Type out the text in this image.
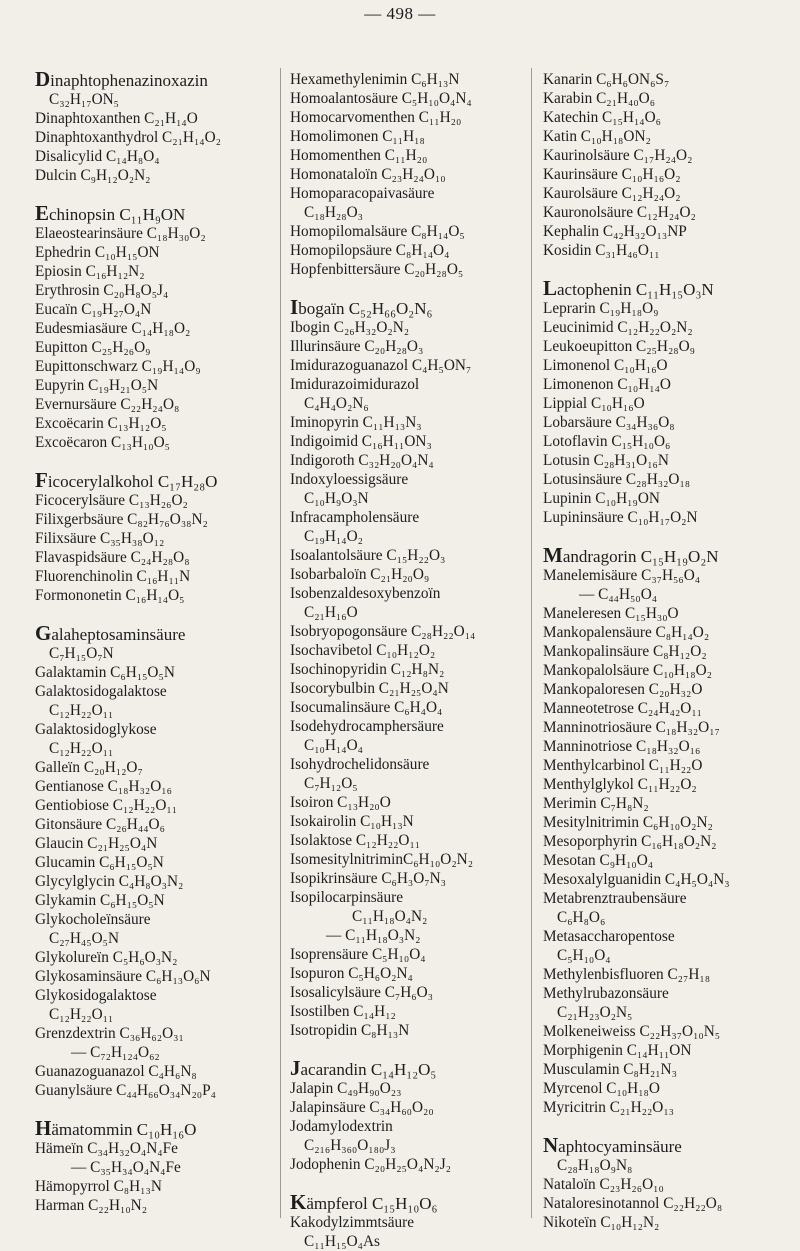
— 498 —
Dinaphtophenazinoxazin
C₃₂H₁₇ON₅
Dinaphtoxanthen C₂₁H₁₄O
Dinaphtoxanthydrol C₂₁H₁₄O₂
Disalicylid C₁₄H₈O₄
Dulcin C₉H₁₂O₂N₂
Echinopsin C₁₁H₉ON
Elaeostearinsäure C₁₈H₃₀O₂
Ephedrin C₁₀H₁₅ON
Epiosin C₁₆H₁₂N₂
Erythrosin C₂₀H₈O₅J₄
Eucaïn C₁₉H₂₇O₄N
Eudesmiasäure C₁₄H₁₈O₂
Eupitton C₂₅H₂₆O₉
Eupittonschwarz C₁₉H₁₄O₉
Eupyrin C₁₉H₂₁O₅N
Evernursäure C₂₂H₂₄O₈
Excoëcarin C₁₃H₁₂O₅
Excoëcaron C₁₃H₁₀O₅
Ficocerylalkohol C₁₇H₂₈O
Ficocerylsäure C₁₃H₂₆O₂
Filixgerbsäure C₈₂H₇₆O₃₈N₂
Filixsäure C₃₅H₃₈O₁₂
Flavaspidsäure C₂₄H₂₈O₈
Fluorenchinolin C₁₆H₁₁N
Formononetin C₁₆H₁₄O₅
Galaheptosaminsäure
C₇H₁₅O₇N
Galaktamin C₆H₁₅O₅N
Galaktosidogalaktose
C₁₂H₂₂O₁₁
Galaktosidoglykose
C₁₂H₂₂O₁₁
Galleïn C₂₀H₁₂O₇
Gentianose C₁₈H₃₂O₁₆
Gentiobiose C₁₂H₂₂O₁₁
Gitonsäure C₂₆H₄₄O₆
Glaucin C₂₁H₂₅O₄N
Glucamin C₆H₁₅O₅N
Glycylglycin C₄H₈O₃N₂
Glykamin C₆H₁₅O₅N
Glykocholeïnsäure
C₂₇H₄₅O₅N
Glykolureïn C₅H₆O₃N₂
Glykosaminsäure C₆H₁₃O₆N
Glykosidogalaktose
C₁₂H₂₂O₁₁
Grenzdextrin C₃₆H₆₂O₃₁
— C₇₂H₁₂₄O₆₂
Guanazoguanazol C₄H₆N₈
Guanylsäure C₄₄H₆₆O₃₄N₂₀P₄
Hämatommin C₁₀H₁₆O
Hämeïn C₃₄H₃₂O₄N₄Fe
— C₃₅H₃₄O₄N₄Fe
Hämopyrrol C₈H₁₃N
Harman C₂₂H₁₀N₂
Hexamethylenimin C₆H₁₃N
Homoalantosäure C₅H₁₀O₄N₄
Homocarvomenthen C₁₁H₂₀
Homolimonen C₁₁H₁₈
Homomenthen C₁₁H₂₀
Homonataloïn C₂₃H₂₄O₁₀
Homoparacopaivasäure
C₁₈H₂₈O₃
Homopilomalsäure C₈H₁₄O₅
Homopilopsäure C₈H₁₄O₄
Hopfenbittersäure C₂₀H₂₈O₅
Ibogaïn C₅₂H₆₆O₂N₆
Ibogin C₂₆H₃₂O₂N₂
Illurinsäure C₂₀H₂₈O₃
Imidurazoguanazol C₄H₅ON₇
Imidurazoimidurazol
C₄H₄O₂N₆
Iminopyrin C₁₁H₁₃N₃
Indigoimid C₁₆H₁₁ON₃
Indigoroth C₃₂H₂₀O₄N₄
Indoxyloessigsäure
C₁₀H₉O₃N
Infracampholensäure
C₁₉H₁₄O₂
Isoalantolsäure C₁₅H₂₂O₃
Isobarbaloïn C₂₁H₂₀O₉
Isobenzaldesoxybenzoïn
C₂₁H₁₆O
Isobryopogonsäure C₂₈H₂₂O₁₄
Isochavibetol C₁₀H₁₂O₂
Isochinopyridin C₁₂H₈N₂
Isocorybulbin C₂₁H₂₅O₄N
Isocumalinsäure C₆H₄O₄
Isodehydrocamphersäure
C₁₀H₁₄O₄
Isohydrochelidonsäure
C₇H₁₂O₅
Isoiron C₁₃H₂₀O
Isokairolin C₁₀H₁₃N
Isolaktose C₁₂H₂₂O₁₁
IsomesitylnitriminC₆H₁₀O₂N₂
Isopikrinsäure C₆H₃O₇N₃
Isopilocarpinsäure
C₁₁H₁₈O₄N₂
— C₁₁H₁₈O₃N₂
Isoprensäure C₅H₁₀O₄
Isopuron C₅H₆O₂N₄
Isosalicylsäure C₇H₆O₃
Isostilben C₁₄H₁₂
Isotropidin C₈H₁₃N
Jacarandin C₁₄H₁₂O₅
Jalapin C₄₉H₉₀O₂₃
Jalapinsäure C₃₄H₆₀O₂₀
Jodamylodextrin
C₂₁₆H₃₆₀O₁₈₀J₃
Jodophenin C₂₀H₂₅O₄N₂J₂
Kämpferol C₁₅H₁₀O₆
Kakodylzimmtsäure
C₁₁H₁₅O₄As
Kanarin C₆H₆ON₆S₇
Karabin C₂₁H₄₀O₆
Katechin C₁₅H₁₄O₆
Katin C₁₀H₁₈ON₂
Kaurinolsäure C₁₇H₂₄O₂
Kaurinsäure C₁₀H₁₆O₂
Kaurolsäure C₁₂H₂₄O₂
Kauronolsäure C₁₂H₂₄O₂
Kephalin C₄₂H₃₂O₁₃NP
Kosidin C₃₁H₄₆O₁₁
Lactophenin C₁₁H₁₅O₃N
Leprarin C₁₉H₁₈O₉
Leucinimid C₁₂H₂₂O₂N₂
Leukoeupitton C₂₅H₂₈O₉
Limonenol C₁₀H₁₆O
Limonenon C₁₀H₁₄O
Lippial C₁₀H₁₆O
Lobarsäure C₃₄H₃₆O₈
Lotoflavin C₁₅H₁₀O₆
Lotusin C₂₈H₃₁O₁₆N
Lotusinsäure C₂₈H₃₂O₁₈
Lupinin C₁₀H₁₉ON
Lupininsäure C₁₀H₁₇O₂N
Mandragorin C₁₅H₁₉O₂N
Manelemisäure C₃₇H₅₆O₄
— C₄₄H₅₀O₄
Maneleresen C₁₅H₃₀O
Mankopalensäure C₈H₁₄O₂
Mankopalinsäure C₈H₁₂O₂
Mankopalolsäure C₁₀H₁₈O₂
Mankopaloresen C₂₀H₃₂O
Manneotetrose C₂₄H₄₂O₁₁
Manninotriosäure C₁₈H₃₂O₁₇
Manninotriose C₁₈H₃₂O₁₆
Menthylcarbinol C₁₁H₂₂O
Menthylglykol C₁₁H₂₂O₂
Merimin C₇H₈N₂
Mesitylnitrimin C₆H₁₀O₂N₂
Mesoporphyrin C₁₆H₁₈O₂N₂
Mesotan C₉H₁₀O₄
Mesoxalylguanidin C₄H₅O₄N₃
Metabrenztraubensäure
C₆H₈O₆
Metasaccharopentose
C₅H₁₀O₄
Methylenbisfluoren C₂₇H₁₈
Methylrubazonsäure
C₂₁H₂₃O₂N₅
Molkeneiweiss C₂₂H₃₇O₁₀N₅
Morphigenin C₁₄H₁₁ON
Musculamin C₈H₂₁N₃
Myrcenol C₁₀H₁₈O
Myricitrin C₂₁H₂₂O₁₃
Naphtocyaminsäure
C₂₈H₁₈O₉N₈
Nataloïn C₂₃H₂₆O₁₀
Nataloresinotannol C₂₂H₂₂O₈
Nikoteïn C₁₀H₁₂N₂
